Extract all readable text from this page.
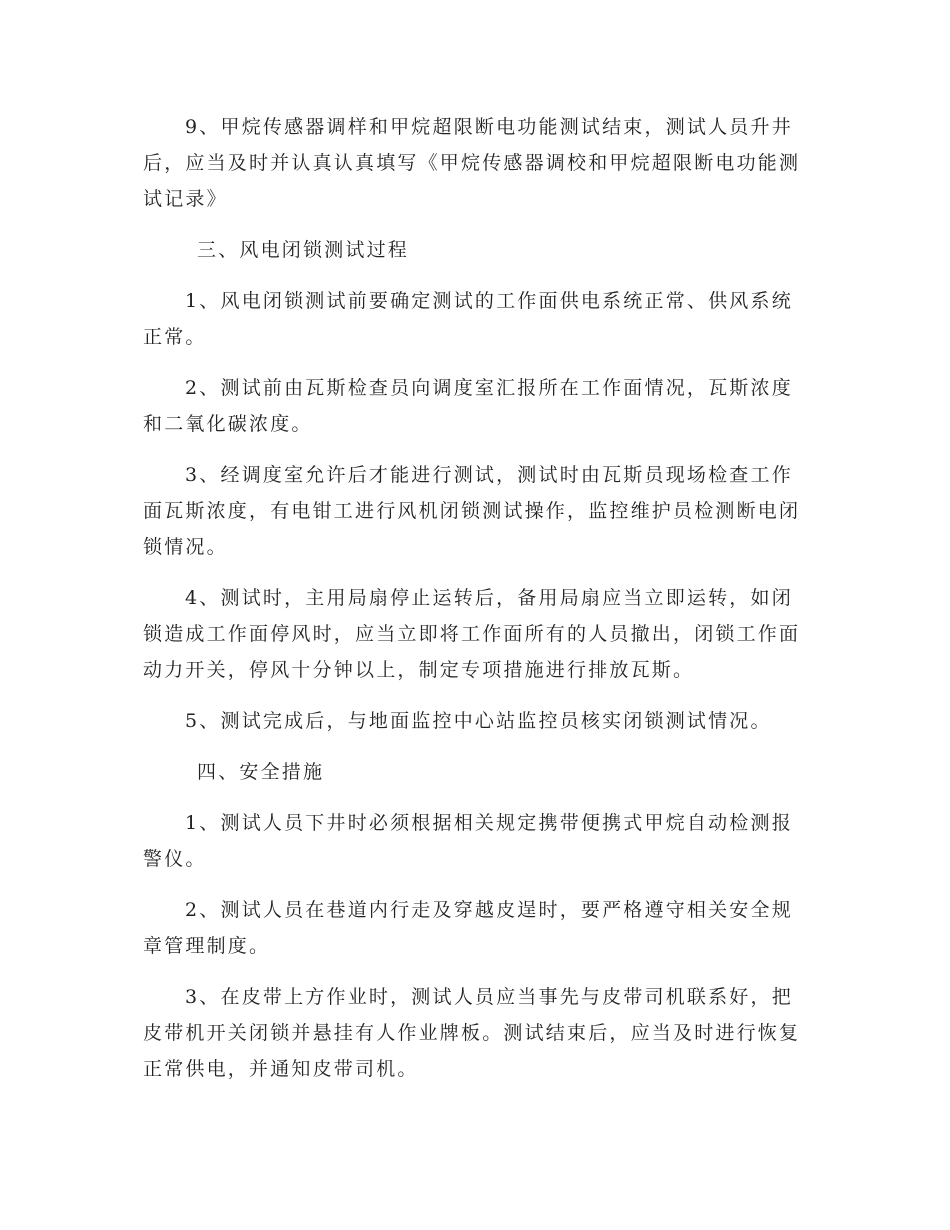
9、甲烷传感器调样和甲烷超限断电功能测试结束，测试人员升井后，应当及时并认真认真填写《甲烷传感器调校和甲烷超限断电功能测试记录》

三、风电闭锁测试过程

1、风电闭锁测试前要确定测试的工作面供电系统正常、供风系统正常。

2、测试前由瓦斯检查员向调度室汇报所在工作面情况，瓦斯浓度和二氧化碳浓度。

3、经调度室允许后才能进行测试，测试时由瓦斯员现场检查工作面瓦斯浓度，有电钳工进行风机闭锁测试操作，监控维护员检测断电闭锁情况。

4、测试时，主用局扇停止运转后，备用局扇应当立即运转，如闭锁造成工作面停风时，应当立即将工作面所有的人员撤出，闭锁工作面动力开关，停风十分钟以上，制定专项措施进行排放瓦斯。

5、测试完成后，与地面监控中心站监控员核实闭锁测试情况。

四、安全措施

1、测试人员下井时必须根据相关规定携带便携式甲烷自动检测报警仪。

2、测试人员在巷道内行走及穿越皮逞时，要严格遵守相关安全规章管理制度。

3、在皮带上方作业时，测试人员应当事先与皮带司机联系好，把皮带机开关闭锁并悬挂有人作业牌板。测试结束后，应当及时进行恢复正常供电，并通知皮带司机。
